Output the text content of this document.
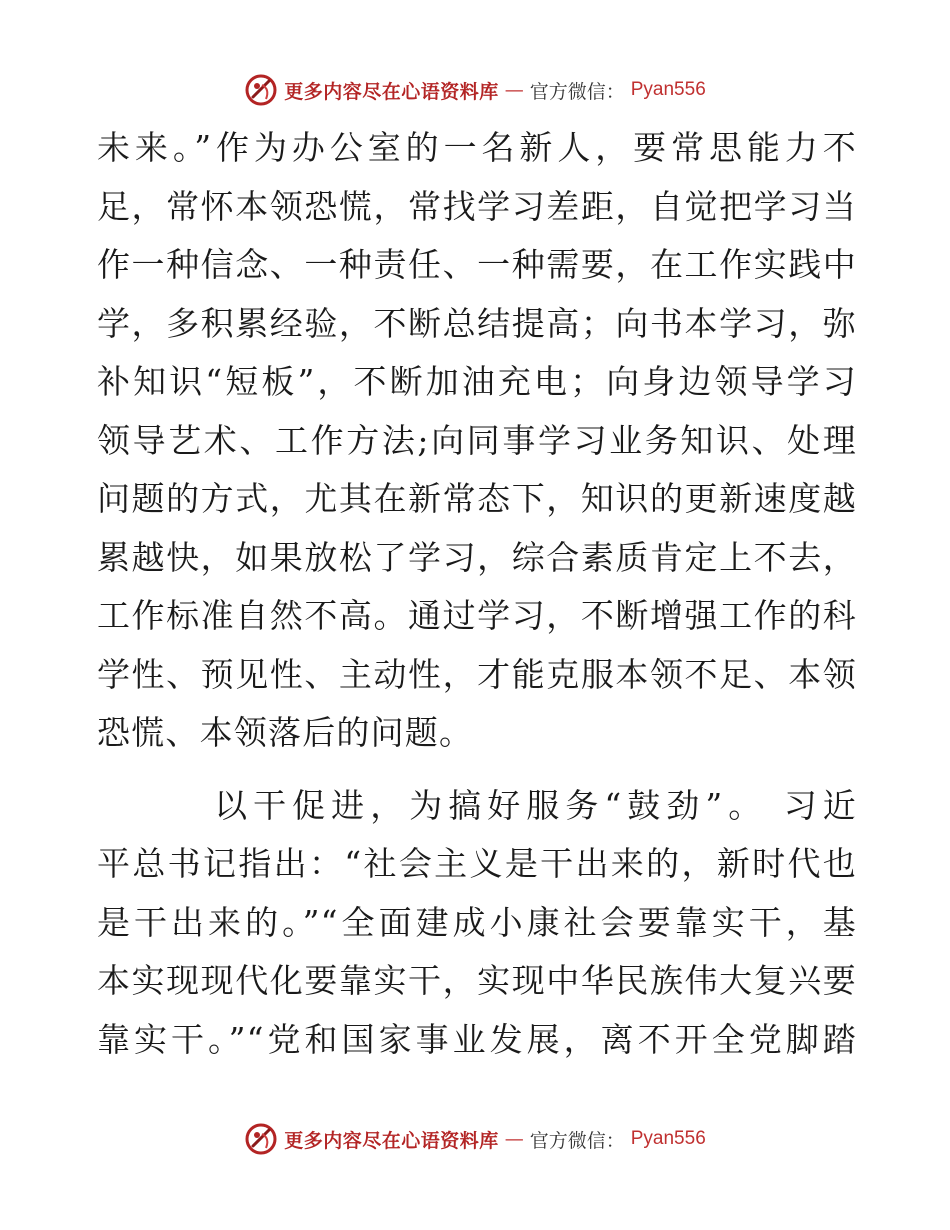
更多内容尽在心语资料库 — 官方微信： Pyan556
未来。”作为办公室的一名新人，要常思能力不
足，常怀本领恐慌，常找学习差距，自觉把学习当
作一种信念、一种责任、一种需要，在工作实践中
学，多积累经验，不断总结提高；向书本学习，弥
补知识“短板”，不断加油充电；向身边领导学习
领导艺术、工作方法;向同事学习业务知识、处理
问题的方式，尤其在新常态下，知识的更新速度越
累越快，如果放松了学习，综合素质肯定上不去，
工作标准自然不高。通过学习，不断增强工作的科
学性、预见性、主动性，才能克服本领不足、本领
恐慌、本领落后的问题。
　　　以干促进，为搞好服务“鼓劲”。 习近
平总书记指出：“社会主义是干出来的，新时代也
是干出来的。”“全面建成小康社会要靠实干，基
本实现现代化要靠实干，实现中华民族伟大复兴要
靠实干。”“党和国家事业发展，离不开全党脚踏
更多内容尽在心语资料库 — 官方微信： Pyan556
